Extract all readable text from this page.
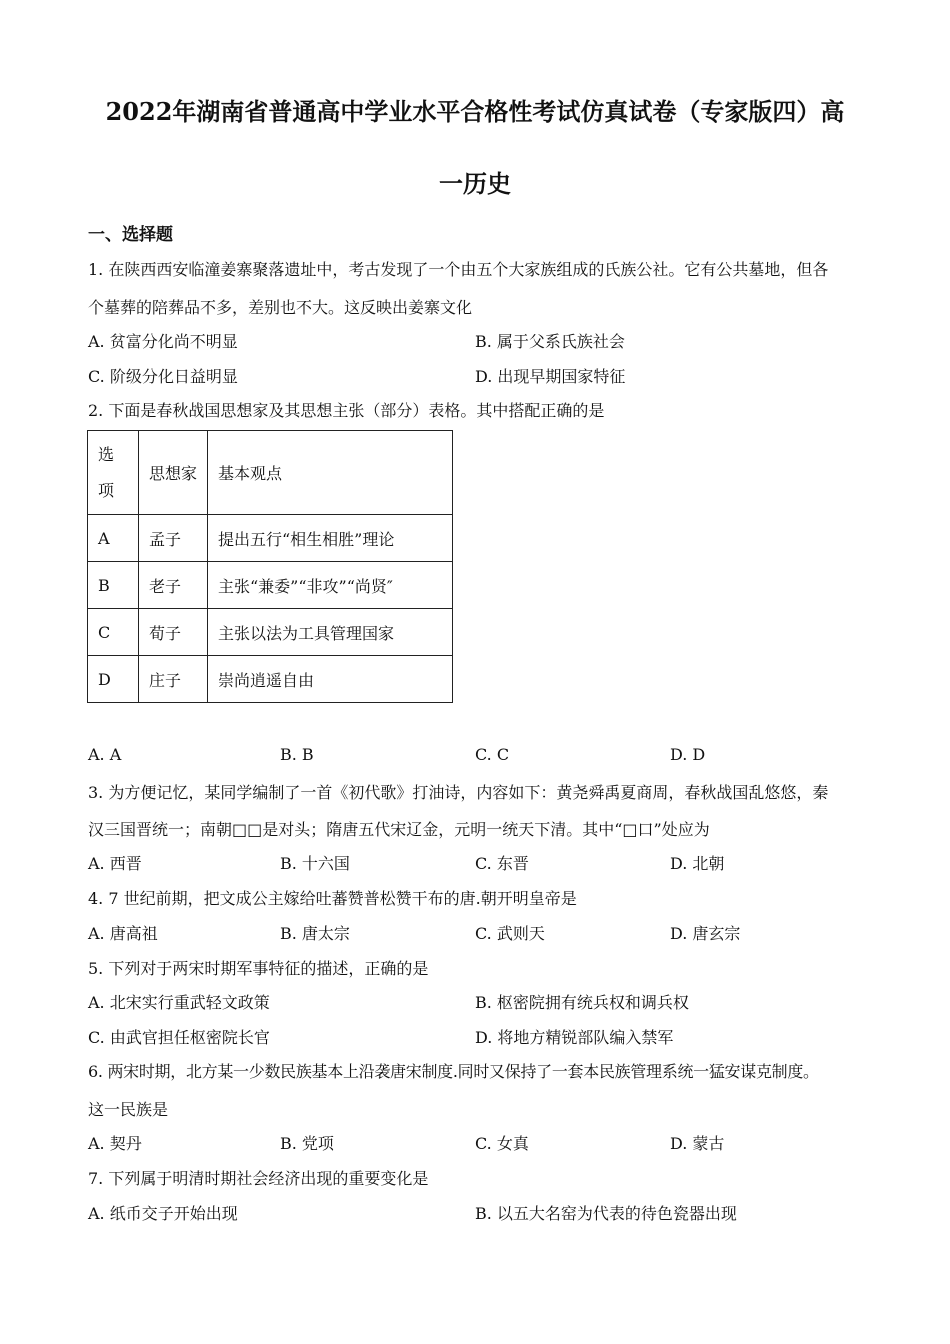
2022年湖南省普通高中学业水平合格性考试仿真试卷（专家版四）高
一历史
一、选择题
1. 在陕西西安临潼姜寨聚落遗址中，考古发现了一个由五个大家族组成的氏族公社。它有公共墓地，但各
个墓葬的陪葬品不多，差别也不大。这反映出姜寨文化
A. 贫富分化尚不明显	B. 属于父系氏族社会
C. 阶级分化日益明显	D. 出现早期国家特征
2. 下面是春秋战国思想家及其思想主张（部分）表格。其中搭配正确的是
选
项	思想家	基本观点
A	孟子	提出五行“相生相胜”理论
B	老子	主张“兼委”“非攻”“尚贤″
C	荀子	主张以法为工具管理国家
D	庄子	崇尚逍遥自由
A. A	B. B	C. C	D. D
3. 为方便记忆，某同学编制了一首《初代歌》打油诗，内容如下：黄尧舜禹夏商周，春秋战国乱悠悠，秦
汉三国晋统一；南朝□□是对头；隋唐五代宋辽金，元明一统天下清。其中“□口”处应为
A. 西晋	B. 十六国	C. 东晋	D. 北朝
4. 7 世纪前期，把文成公主嫁给吐蕃赞普松赞干布的唐.朝开明皇帝是
A. 唐高祖	B. 唐太宗	C. 武则天	D. 唐玄宗
5. 下列对于两宋时期军事特征的描述，正确的是
A. 北宋实行重武轻文政策	B. 枢密院拥有统兵权和调兵权
C. 由武官担任枢密院长官	D. 将地方精锐部队编入禁军
6. 两宋时期，北方某一少数民族基本上沿袭唐宋制度.同时又保持了一套本民族管理系统一猛安谋克制度。
这一民族是
A. 契丹	B. 党项	C. 女真	D. 蒙古
7. 下列属于明清时期社会经济出现的重要变化是
A. 纸币交子开始出现	B. 以五大名窑为代表的待色瓷器出现
